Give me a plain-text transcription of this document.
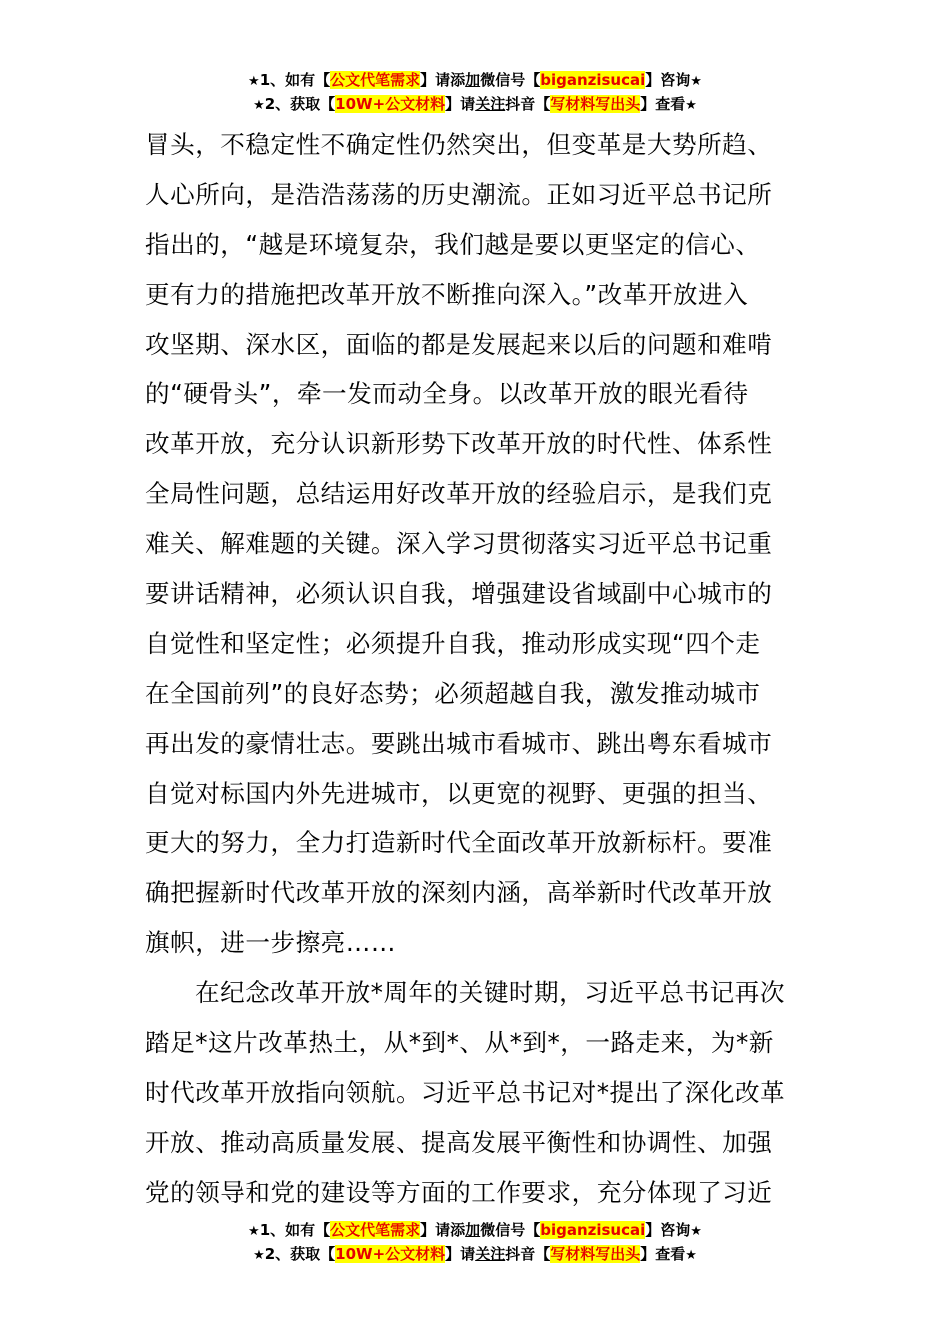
★1、如有【公文代笔需求】请添加微信号【biganzisucai】咨询★
★2、获取【10W+公文材料】请关注抖音【写材料写出头】查看★
冒头，不稳定性不确定性仍然突出，但变革是大势所趋、
人心所向，是浩浩荡荡的历史潮流。正如习近平总书记所
指出的，“越是环境复杂，我们越是要以更坚定的信心、
更有力的措施把改革开放不断推向深入。”改革开放进入
攻坚期、深水区，面临的都是发展起来以后的问题和难啃
的“硬骨头”，牵一发而动全身。以改革开放的眼光看待
改革开放，充分认识新形势下改革开放的时代性、体系性
全局性问题，总结运用好改革开放的经验启示，是我们克
难关、解难题的关键。深入学习贯彻落实习近平总书记重
要讲话精神，必须认识自我，增强建设省域副中心城市的
自觉性和坚定性；必须提升自我，推动形成实现“四个走
在全国前列”的良好态势；必须超越自我，激发推动城市
再出发的豪情壮志。要跳出城市看城市、跳出粤东看城市
自觉对标国内外先进城市，以更宽的视野、更强的担当、
更大的努力，全力打造新时代全面改革开放新标杆。要准
确把握新时代改革开放的深刻内涵，高举新时代改革开放
旗帜，进一步擦亮……
在纪念改革开放*周年的关键时期，习近平总书记再次
踏足*这片改革热土，从*到*、从*到*，一路走来，为*新
时代改革开放指向领航。习近平总书记对*提出了深化改革
开放、推动高质量发展、提高发展平衡性和协调性、加强
党的领导和党的建设等方面的工作要求，充分体现了习近
★1、如有【公文代笔需求】请添加微信号【biganzisucai】咨询★
★2、获取【10W+公文材料】请关注抖音【写材料写出头】查看★
